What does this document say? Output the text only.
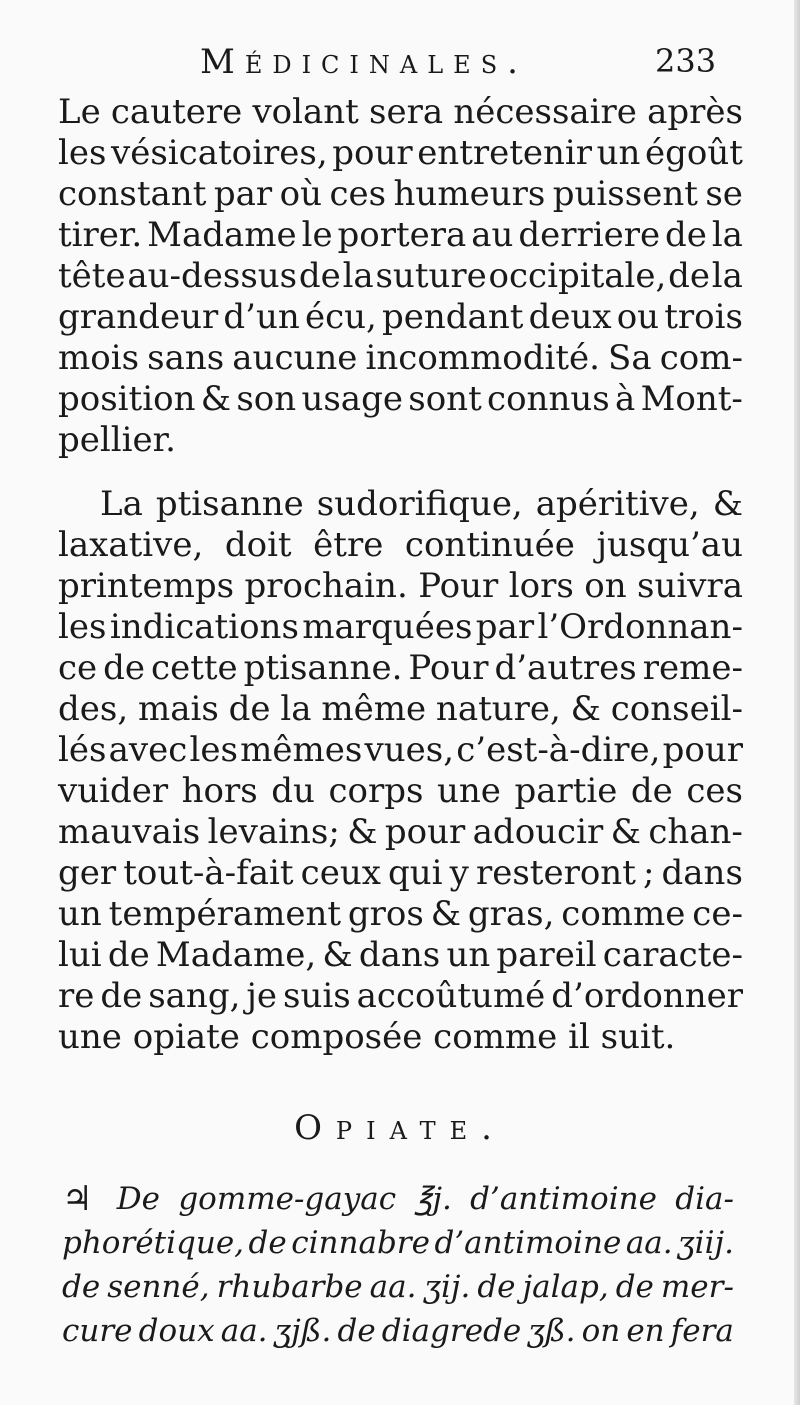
Médicinales.	233
Le cautere volant sera nécessaire après
les vésicatoires, pour entretenir un égoût
constant par où ces humeurs puissent se
tirer. Madame le portera au derriere de la
tête au-dessus de la suture occipitale, de la
grandeur d’un écu, pendant deux ou trois
mois sans aucune incommodité. Sa com-
position & son usage sont connus à Mont-
pellier.
La ptisanne sudorifique, apéritive, &
laxative, doit être continuée jusqu’au
printemps prochain. Pour lors on suivra
les indications marquées par l’Ordonnan-
ce de cette ptisanne. Pour d’autres reme-
des, mais de la même nature, & conseil-
lés avec les mêmes vues, c’est-à-dire, pour
vuider hors du corps une partie de ces
mauvais levains; & pour adoucir & chan-
ger tout-à-fait ceux qui y resteront ; dans
un tempérament gros & gras, comme ce-
lui de Madame, & dans un pareil caracte-
re de sang, je suis accoûtumé d’ordonner
une opiate composée comme il suit.
Opiate.
♃ De gomme-gayac ℥j. d’antimoine dia-
phorétique, de cinnabre d’antimoine aa. ʒiij.
de senné, rhubarbe aa. ʒij. de jalap, de mer-
cure doux aa. ʒjß. de diagrede ʒß. on en fera
